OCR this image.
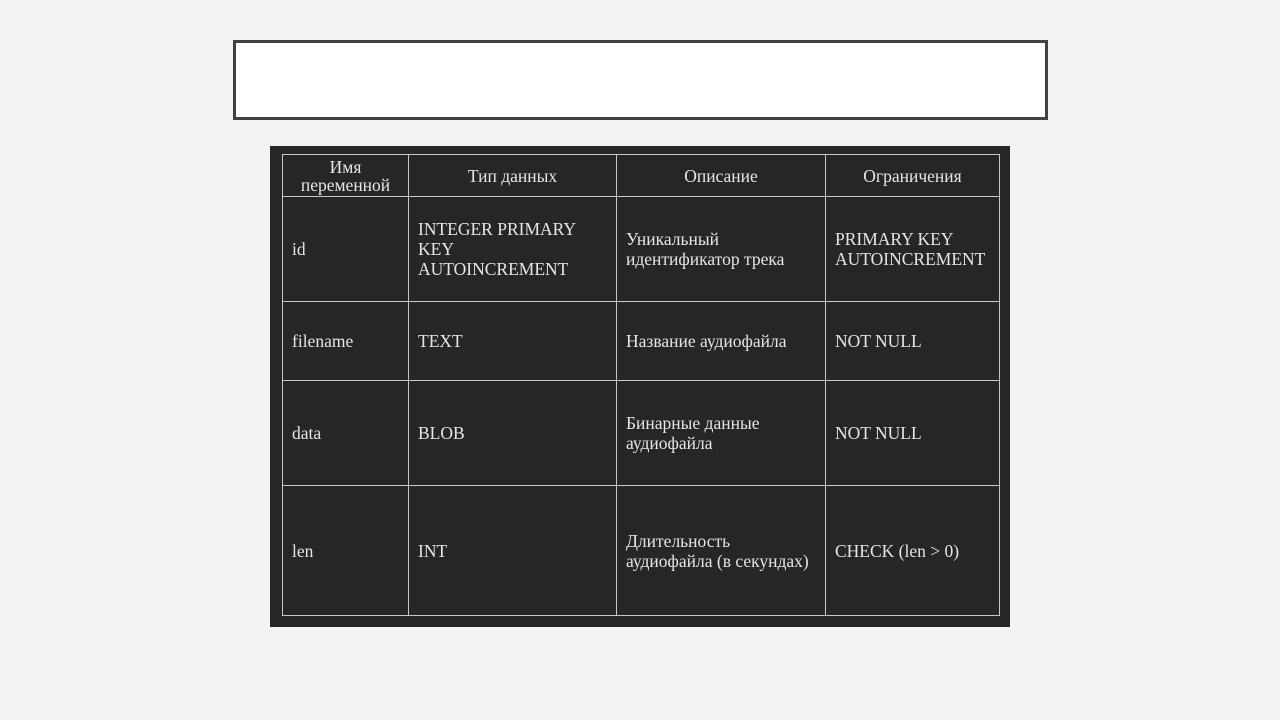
Имя переменной	Тип данных	Описание	Ограничения
id	INTEGER PRIMARY KEY AUTOINCREMENT	Уникальный идентификатор трека	PRIMARY KEY AUTOINCREMENT
filename	TEXT	Название аудиофайла	NOT NULL
data	BLOB	Бинарные данные аудиофайла	NOT NULL
len	INT	Длительность аудиофайла (в секундах)	CHECK (len > 0)
